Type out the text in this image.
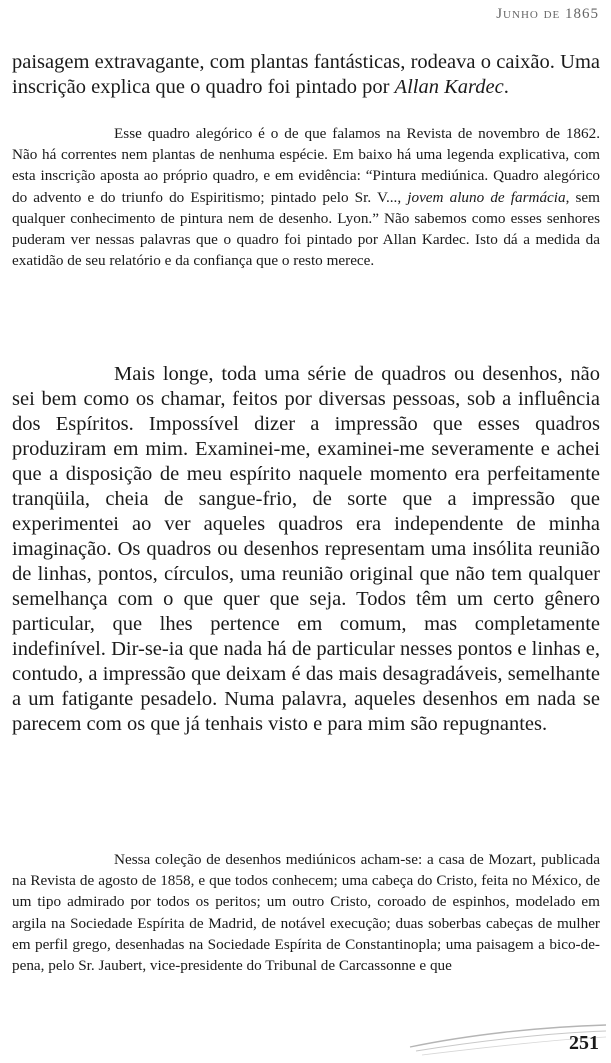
Junho de 1865

paisagem extravagante, com plantas fantásticas, rodeava o caixão. Uma inscrição explica que o quadro foi pintado por Allan Kardec.

Esse quadro alegórico é o de que falamos na Revista de novembro de 1862. Não há correntes nem plantas de nenhuma espécie. Em baixo há uma legenda explicativa, com esta inscrição aposta ao próprio quadro, e em evidência: “Pintura mediúnica. Quadro alegórico do advento e do triunfo do Espiritismo; pintado pelo Sr. V..., jovem aluno de farmácia, sem qualquer conhecimento de pintura nem de desenho. Lyon.” Não sabemos como esses senhores puderam ver nessas palavras que o quadro foi pintado por Allan Kardec. Isto dá a medida da exatidão de seu relatório e da confiança que o resto merece.

Mais longe, toda uma série de quadros ou desenhos, não sei bem como os chamar, feitos por diversas pessoas, sob a influência dos Espíritos. Impossível dizer a impressão que esses quadros produziram em mim. Examinei-me, examinei-me severamente e achei que a disposição de meu espírito naquele momento era perfeitamente tranqüila, cheia de sangue-frio, de sorte que a impressão que experimentei ao ver aqueles quadros era independente de minha imaginação. Os quadros ou desenhos representam uma insólita reunião de linhas, pontos, círculos, uma reunião original que não tem qualquer semelhança com o que quer que seja. Todos têm um certo gênero particular, que lhes pertence em comum, mas completamente indefinível. Dir-se-ia que nada há de particular nesses pontos e linhas e, contudo, a impressão que deixam é das mais desagradáveis, semelhante a um fatigante pesadelo. Numa palavra, aqueles desenhos em nada se parecem com os que já tenhais visto e para mim são repugnantes.

Nessa coleção de desenhos mediúnicos acham-se: a casa de Mozart, publicada na Revista de agosto de 1858, e que todos conhecem; uma cabeça do Cristo, feita no México, de um tipo admirado por todos os peritos; um outro Cristo, coroado de espinhos, modelado em argila na Sociedade Espírita de Madrid, de notável execução; duas soberbas cabeças de mulher em perfil grego, desenhadas na Sociedade Espírita de Constantinopla; uma paisagem a bico-de-pena, pelo Sr. Jaubert, vice-presidente do Tribunal de Carcassonne e que

251
